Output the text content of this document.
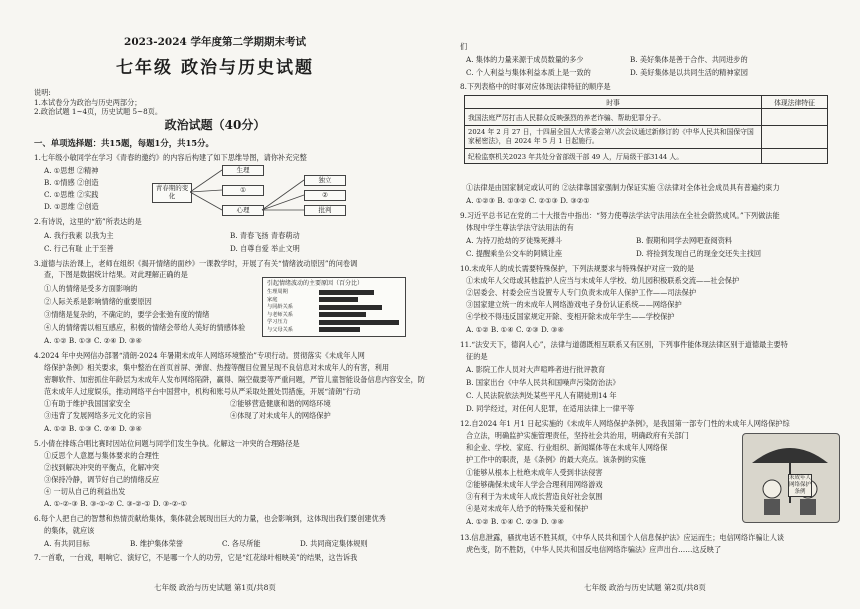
2023-2024 学年度第二学期期末考试
七年级 政治与历史试题
说明:
1.本试卷分为政治与历史两部分；
2.政治试题 1~4页，历史试题 5~8页。
政治试题（40分）
一、单项选择题：共15题，每题1分，共15分。
1.七年级小敏同学在学习《青春的邀约》的内容后构建了如下思维导图，请你补充完整
A. ①思想 ②精神
B. ①情感 ②创造
C. ①思维 ②实践
D. ①思维 ②创造
青春期的变化
生理
①
心理
独立
②
批判
2.有诗说，这里的“筋”所表达的是
A. 我行我素 以我为主	B. 青春飞扬 青春萌动
C. 行己有耻 止于至善	D. 自尊自爱 举止文明
3.道德与法治课上，老师在组织《揭开情绪的面纱》一课教学时，开展了有关“情绪波动原因”的问卷调
查，下图是数据统计结果。对此理解正确的是
①人的情绪是受多方面影响的
②人际关系是影响情绪的重要原因
③情绪是复杂的，不确定的，要学会张弛有度的情绪
④人的情绪需以相互感应，积极的情绪会带给人美好的情感体验
A. ①② B. ①③ C. ②④ D. ③④
引起情绪波动的主要原因（百分比）
生理周期
家庭
与同龄关系
与老师关系
学习压力
与父母关系
4.2024 年中央网信办部署“清朗·2024 年暑期未成年人网络环境整治”专项行动。贯彻落实《未成年人网
络保护条例》相关要求，集中整治在首页首屏、弹窗、热搜等醒目位置呈现不良信息对未成年人的有害，利用
密聊软件、加密抓住年龄层为未成年人发布网络陷阱，赢得、隔空截要等严重问题，严管儿童智能设备信息内容安全，防
范未成年人过度娱乐，推动网络平台中国营中，机构和账号从严采取处置处罚措施，开展“清朗”行动
①有助于维护我国国家安全	②能够营造健康和谐的网络环境
③违背了发展网络多元文化的宗旨	④体现了对未成年人的网络保护
A. ①② B. ①③ C. ②④ D. ③④
5.小倩在排练合唱比赛时因站位问题与同学们发生争执。化解这一冲突的合理路径是
①反思个人意愿与集体要求的合理性
②找到解决冲突的平衡点，化解冲突
③保持冷静，调节好自己的情绪反应
④ 一切从自己的利益出发
A. ①-②-③ B. ③-①-② C. ③-②-① D. ③-②-①
6.每个人把自己的智慧和热情贡献给集体，集体就会展现出巨大的力量，也会影响到，这体现出我们要创建优秀
的集体，就应该
A. 有共同目标	B. 维护集体荣誉	C. 各尽所能	D. 共同商定集体规则
7.一首歌，一台戏，唱响它、演好它，不是哪一个人的功劳，它是“红花绿叶相映美”的结果，这告诉我
七年级 政治与历史试题 第1页/共8页
们
A. 集体的力量来源于成员数量的多少	B. 美好集体是善于合作、共同进步的
C. 个人利益与集体利益本质上是一致的	D. 美好集体是以共同生活的精神家园
8.下列表格中的时事对应体现法律特征的顺序是
时事	体现法律特征
我国法庭严厉打击人民群众反映强烈的养老诈骗、帮助犯罪分子。	
2024 年 2 月 27 日，十四届全国人大常委会第八次会议通过新修订的《中华人民共和国保守国家秘密法》，自 2024 年 5 月 1 日起施行。	
纪检监察机关2023 年共处分省部级干部 49 人，厅局级干部3144 人。	
①法律是由国家制定或认可的 ②法律靠国家强制力保证实施 ③法律对全体社会成员具有普遍约束力
A. ①②③ B. ①③② C. ②①③ D. ③②①
9.习近平总书记在党的二十大报告中指出：“努力使尊法学法守法用法在全社会蔚然成风。”下列做法能
体现中学生尊法学法守法用法的有
A. 为持刀抢劫的歹徒殊死搏斗	B. 假期和同学去网吧查阅资料
C. 提醒乘坐公交车的阿姨让座	D. 将捡到发现自己的现金交还失主找回
10.未成年人的成长需要特殊保护，下列法规要求与特殊保护对应一致的是
①未成年人父母或其他监护人应当与未成年人学校、幼儿园积极联系交流——社会保护
②居委会、村委会应当设置专人专门负责未成年人保护工作——司法保护
③国家建立统一的未成年人网络游戏电子身份认证系统——网络保护
④学校不得违反国家规定开除、变相开除未成年学生——学校保护
A. ①② B. ①④ C. ②③ D. ③④
11.“法安天下，德润人心”，法律与道德既相互联系又有区别，下列事件能体现法律区别于道德最主要特
征的是
A. 影院工作人员对大声喧哗者进行批评教育
B. 国家出台《中华人民共和国噪声污染防治法》
C. 人民法院依法判处某些平凡人有期徒刑14 年
D. 同学经过，对任何人犯罪，在适用法律上一律平等
12.自2024 年1 月1 日起实施的《未成年人网络保护条例》，是我国第一部专门性的未成年人网络保护综
合立法，明确监护实施管理责任，坚持社会共治用，明确政府有关部门
和企业、学校、家庭、行业组织、新闻媒体等在未成年人网络保
护工作中的职责，是《条例》的最大亮点。该条例的实施
①能够从根本上杜绝未成年人受到非法侵害
②能够确保未成年人学会合理利用网络游戏
③有利于为未成年人成长营造良好社会氛围
④是对未成年人给予的特殊关爱和保护
A. ①② B. ①④ C. ②③ D. ③④
未成年人网络保护条例
13.信息泄露，骚扰电话不胜其烦，《中华人民共和国个人信息保护法》应运而生；电信网络诈骗让人谈
虎色变，防不胜防，《中华人民共和国反电信网络诈骗法》应声出台……这反映了
七年级 政治与历史试题 第2页/共8页
